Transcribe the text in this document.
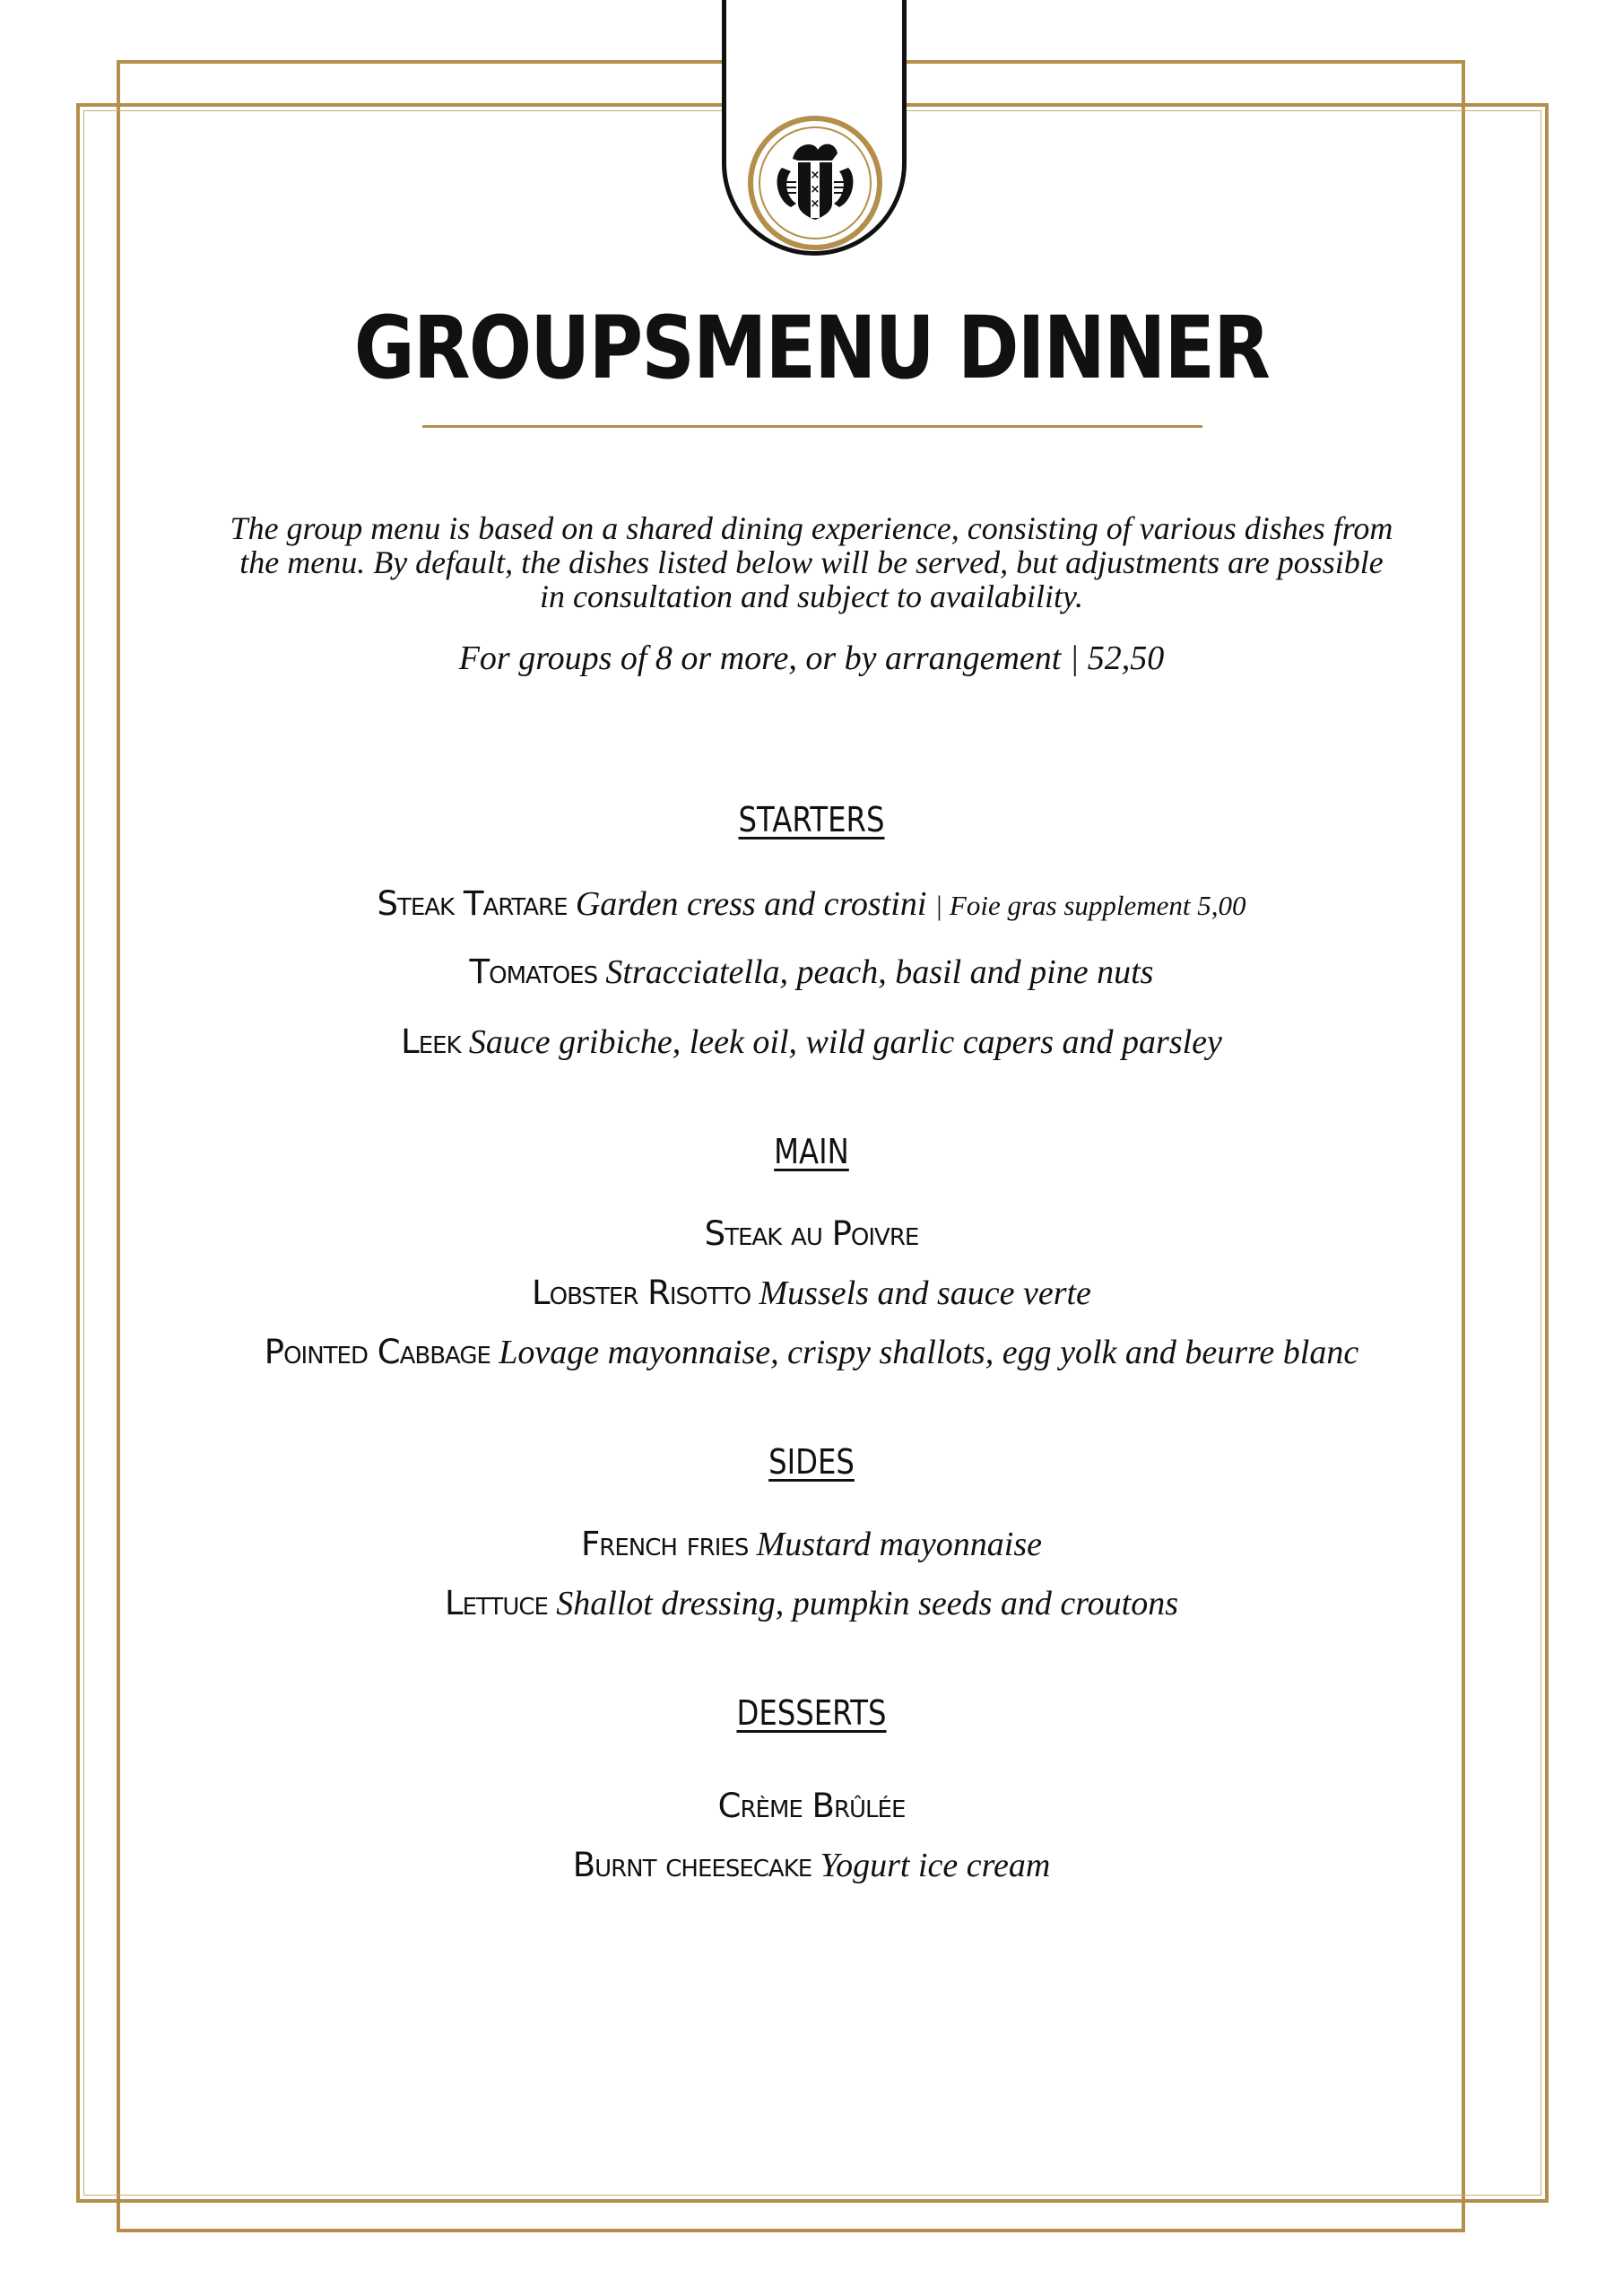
×
×
×
GROUPSMENU DINNER
The group menu is based on a shared dining experience, consisting of various dishes from the menu. By default, the dishes listed below will be served, but adjustments are possible in consultation and subject to availability.
For groups of 8 or more, or by arrangement | 52,50
STARTERS
Steak Tartare Garden cress and crostini | Foie gras supplement 5,00
Tomatoes Stracciatella, peach, basil and pine nuts
Leek Sauce gribiche, leek oil, wild garlic capers and parsley
MAIN
Steak au Poivre
Lobster Risotto Mussels and sauce verte
Pointed Cabbage Lovage mayonnaise, crispy shallots, egg yolk and beurre blanc
SIDES
French fries Mustard mayonnaise
Lettuce Shallot dressing, pumpkin seeds and croutons
DESSERTS
Crème Brûlée
Burnt cheesecake Yogurt ice cream
